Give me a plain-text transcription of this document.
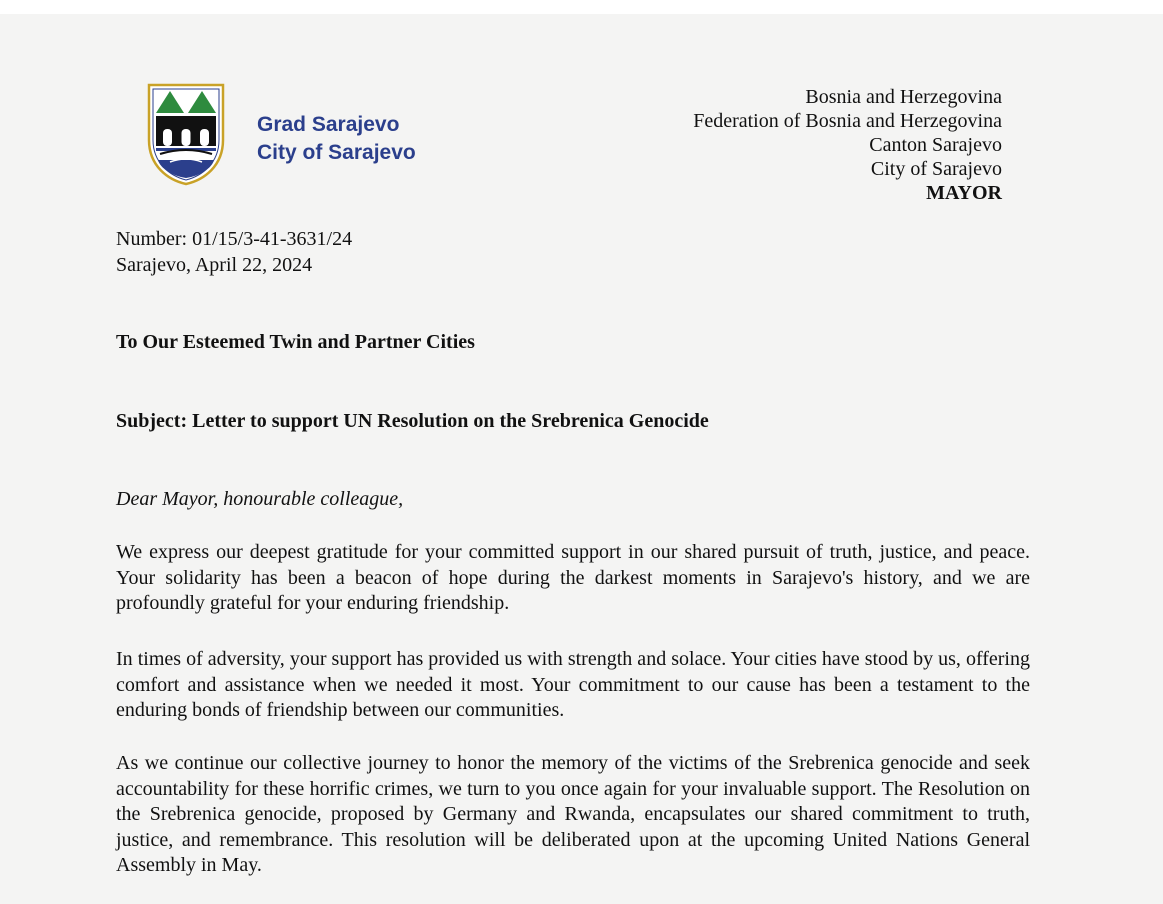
Grad Sarajevo
City of Sarajevo
Bosnia and Herzegovina
Federation of Bosnia and Herzegovina
Canton Sarajevo
City of Sarajevo
MAYOR
Number: 01/15/3-41-3631/24
Sarajevo, April 22, 2024
To Our Esteemed Twin and Partner Cities
Subject: Letter to support UN Resolution on the Srebrenica Genocide
Dear Mayor, honourable colleague,

We express our deepest gratitude for your committed support in our shared pursuit of truth, justice, and peace. Your solidarity has been a beacon of hope during the darkest moments in Sarajevo's history, and we are profoundly grateful for your enduring friendship.

In times of adversity, your support has provided us with strength and solace. Your cities have stood by us, offering comfort and assistance when we needed it most. Your commitment to our cause has been a testament to the enduring bonds of friendship between our communities.

As we continue our collective journey to honor the memory of the victims of the Srebrenica genocide and seek accountability for these horrific crimes, we turn to you once again for your invaluable support. The Resolution on the Srebrenica genocide, proposed by Germany and Rwanda, encapsulates our shared commitment to truth, justice, and remembrance. This resolution will be deliberated upon at the upcoming United Nations General Assembly in May.
